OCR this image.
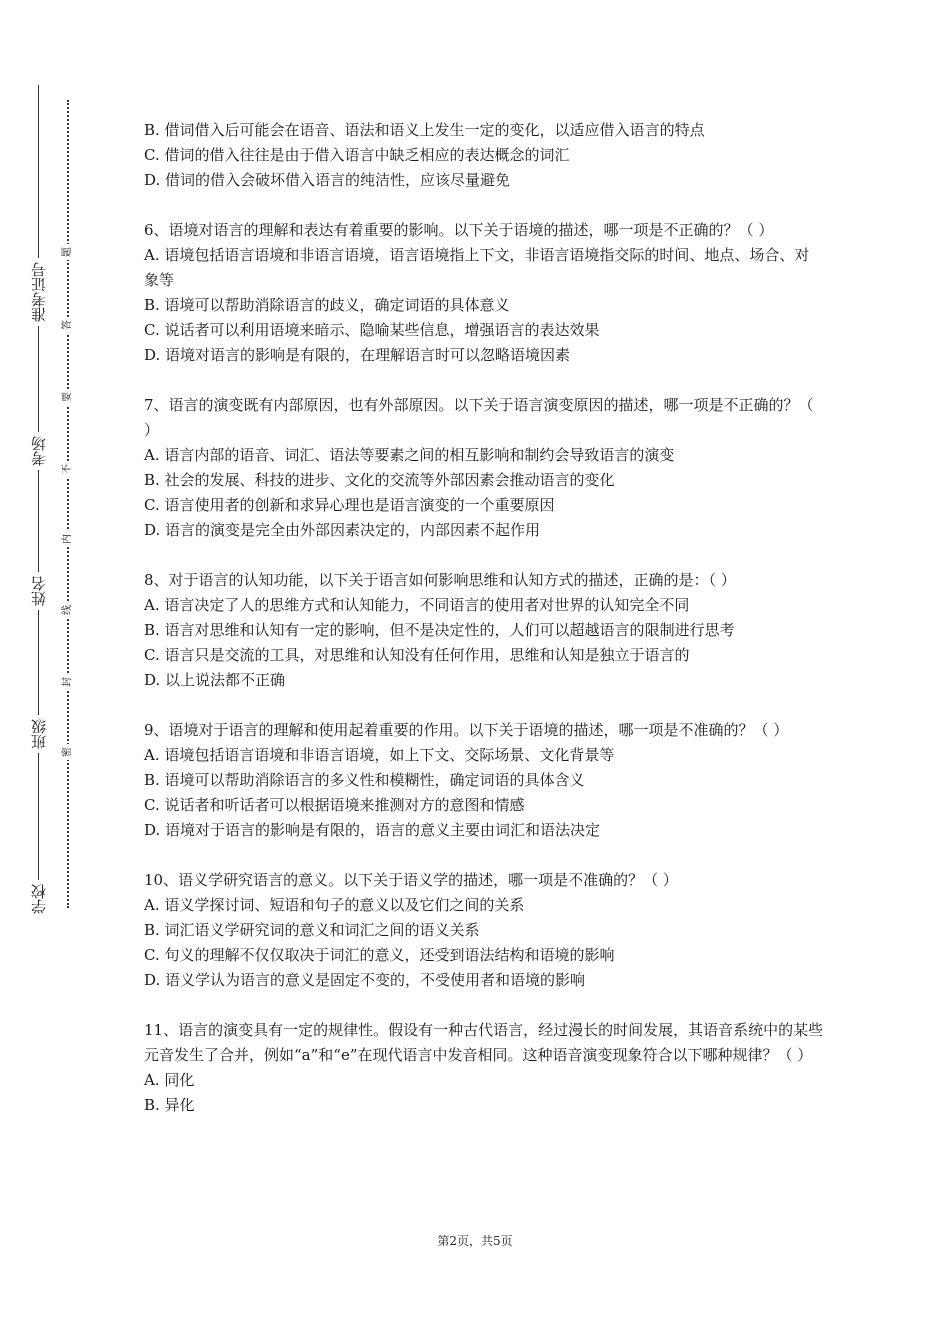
学校
班级
姓名
考场
准考证号
密
封
线
内
不
要
答
题

B. 借词借入后可能会在语音、语法和语义上发生一定的变化，以适应借入语言的特点

C. 借词的借入往往是由于借入语言中缺乏相应的表达概念的词汇

D. 借词的借入会破坏借入语言的纯洁性，应该尽量避免

6、语境对语言的理解和表达有着重要的影响。以下关于语境的描述，哪一项是不正确的？（ ）

A. 语境包括语言语境和非语言语境，语言语境指上下文，非语言语境指交际的时间、地点、场合、对象等

B. 语境可以帮助消除语言的歧义，确定词语的具体意义

C. 说话者可以利用语境来暗示、隐喻某些信息，增强语言的表达效果

D. 语境对语言的影响是有限的，在理解语言时可以忽略语境因素

7、语言的演变既有内部原因，也有外部原因。以下关于语言演变原因的描述，哪一项是不正确的？（ ）

A. 语言内部的语音、词汇、语法等要素之间的相互影响和制约会导致语言的演变

B. 社会的发展、科技的进步、文化的交流等外部因素会推动语言的变化

C. 语言使用者的创新和求异心理也是语言演变的一个重要原因

D. 语言的演变是完全由外部因素决定的，内部因素不起作用

8、对于语言的认知功能，以下关于语言如何影响思维和认知方式的描述，正确的是：（ ）

A. 语言决定了人的思维方式和认知能力，不同语言的使用者对世界的认知完全不同

B. 语言对思维和认知有一定的影响，但不是决定性的，人们可以超越语言的限制进行思考

C. 语言只是交流的工具，对思维和认知没有任何作用，思维和认知是独立于语言的

D. 以上说法都不正确

9、语境对于语言的理解和使用起着重要的作用。以下关于语境的描述，哪一项是不准确的？（ ）

A. 语境包括语言语境和非语言语境，如上下文、交际场景、文化背景等

B. 语境可以帮助消除语言的多义性和模糊性，确定词语的具体含义

C. 说话者和听话者可以根据语境来推测对方的意图和情感

D. 语境对于语言的影响是有限的，语言的意义主要由词汇和语法决定

10、语义学研究语言的意义。以下关于语义学的描述，哪一项是不准确的？（ ）

A. 语义学探讨词、短语和句子的意义以及它们之间的关系

B. 词汇语义学研究词的意义和词汇之间的语义关系

C. 句义的理解不仅仅取决于词汇的意义，还受到语法结构和语境的影响

D. 语义学认为语言的意义是固定不变的，不受使用者和语境的影响

11、语言的演变具有一定的规律性。假设有一种古代语言，经过漫长的时间发展，其语音系统中的某些元音发生了合并，例如“a”和“e”在现代语言中发音相同。这种语音演变现象符合以下哪种规律？（ ）

A. 同化

B. 异化

第2页，共5页
